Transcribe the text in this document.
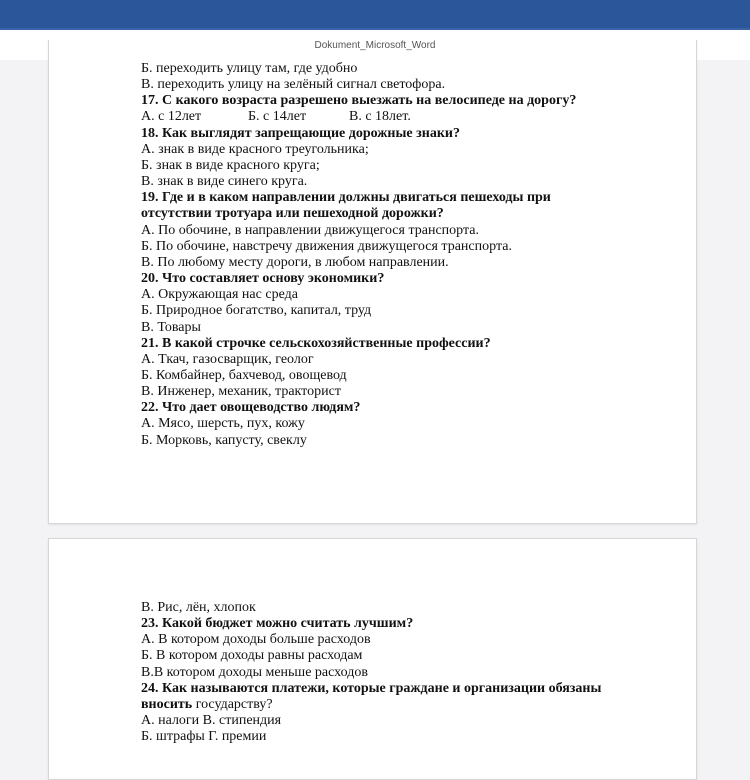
Dokument_Microsoft_Word
Б. переходить улицу там, где удобно
В. переходить улицу на зелёный сигнал светофора.
17. С какого возраста разрешено выезжать на велосипеде на дорогу?
А. с 12лет	Б. с 14лет	В. с 18лет.
18. Как выглядят запрещающие дорожные знаки?
А. знак в виде красного треугольника;
Б. знак в виде красного круга;
В. знак в виде синего круга.
19. Где и в каком направлении должны двигаться пешеходы при
отсутствии тротуара или пешеходной дорожки?
А. По обочине, в направлении движущегося транспорта.
Б. По обочине, навстречу движения движущегося транспорта.
В. По любому месту дороги, в любом направлении.
20. Что составляет основу экономики?
А. Окружающая нас среда
Б. Природное богатство, капитал, труд
В. Товары
21. В какой строчке сельскохозяйственные профессии?
А. Ткач, газосварщик, геолог
Б. Комбайнер, бахчевод, овощевод
В. Инженер, механик, тракторист
22. Что дает овощеводство людям?
А. Мясо, шерсть, пух, кожу
Б. Морковь, капусту, свеклу
В. Рис, лён, хлопок
23. Какой бюджет можно считать лучшим?
А. В котором доходы больше расходов
Б. В котором доходы равны расходам
В.В котором доходы меньше расходов
24. Как называются платежи, которые граждане и организации обязаны
вносить государству?
А. налоги В. стипендия
Б. штрафы Г. премии
